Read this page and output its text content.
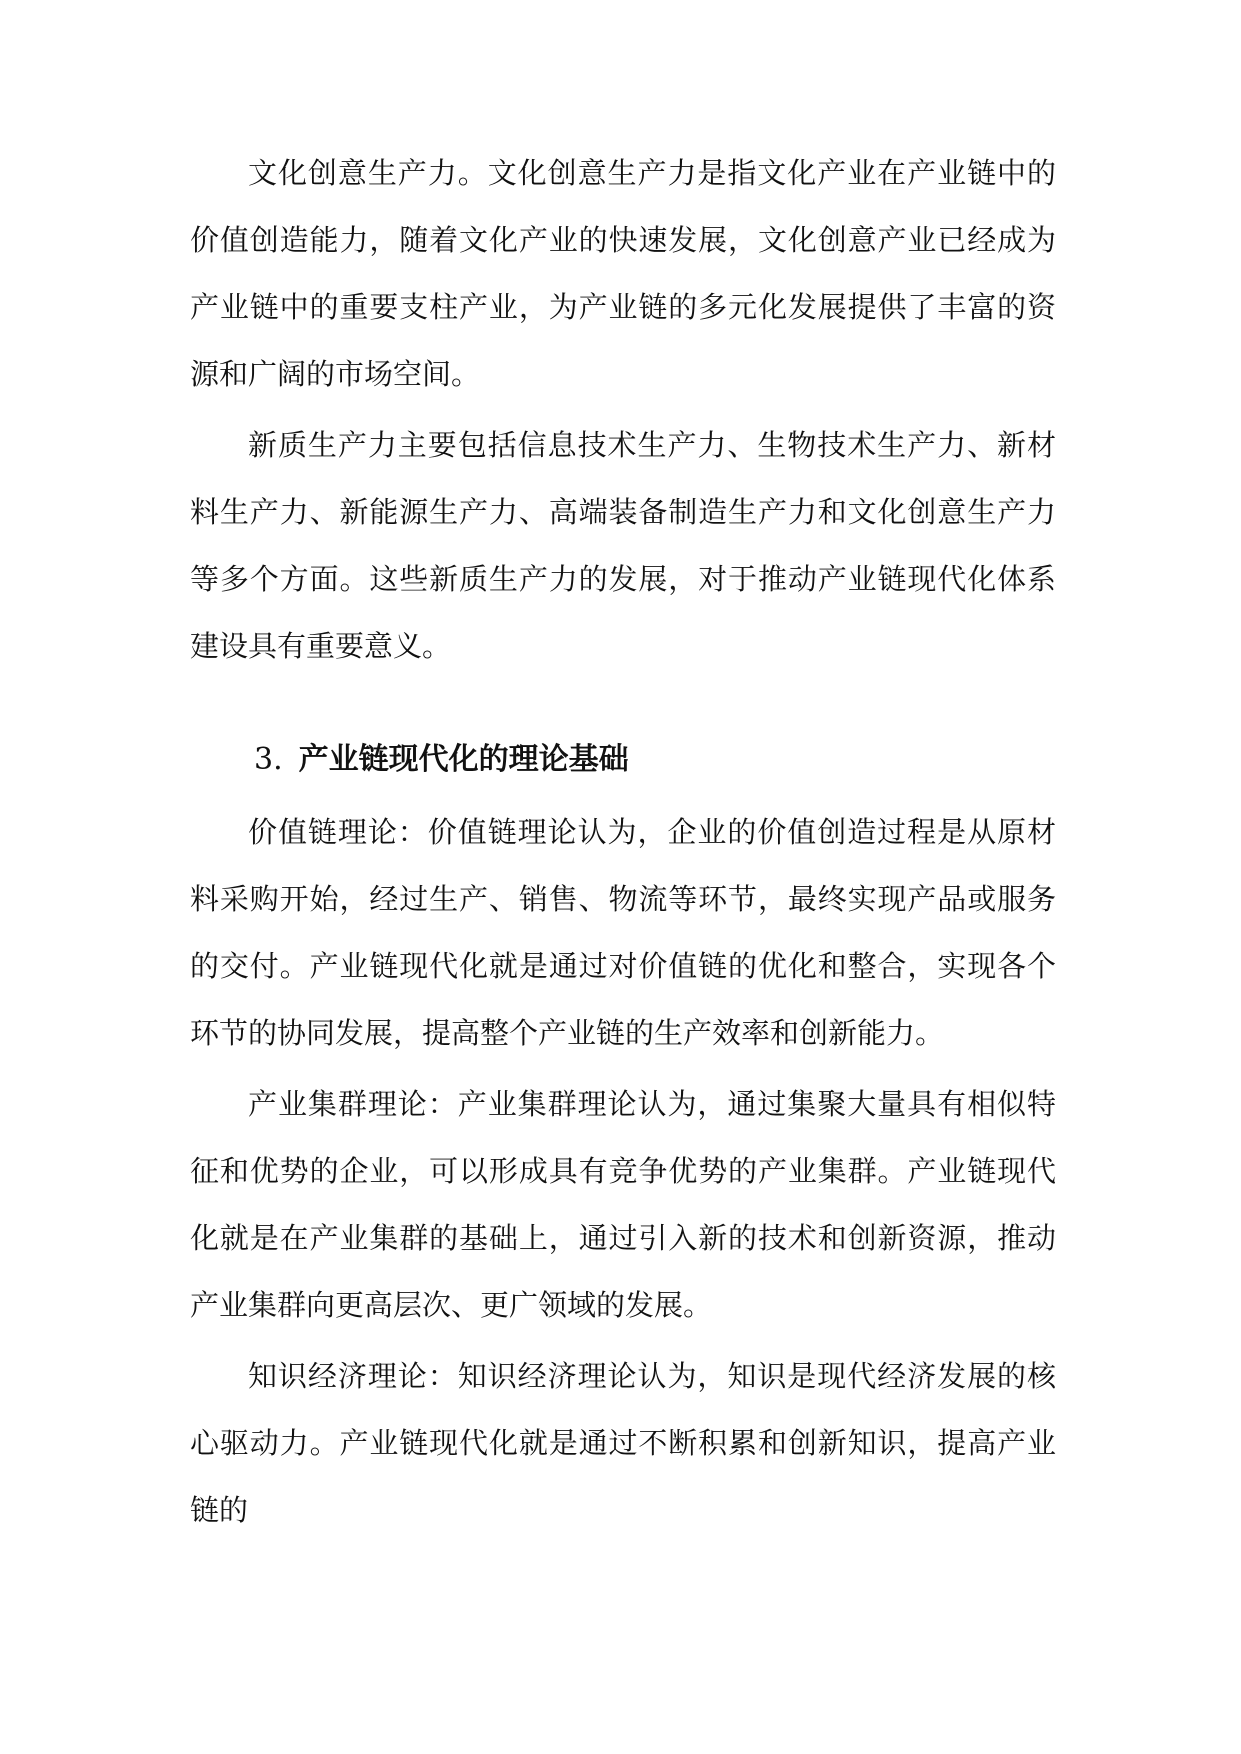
文化创意生产力。文化创意生产力是指文化产业在产业链中的价值创造能力，随着文化产业的快速发展，文化创意产业已经成为产业链中的重要支柱产业，为产业链的多元化发展提供了丰富的资源和广阔的市场空间。

新质生产力主要包括信息技术生产力、生物技术生产力、新材料生产力、新能源生产力、高端装备制造生产力和文化创意生产力等多个方面。这些新质生产力的发展，对于推动产业链现代化体系建设具有重要意义。

3. 产业链现代化的理论基础

价值链理论：价值链理论认为，企业的价值创造过程是从原材料采购开始，经过生产、销售、物流等环节，最终实现产品或服务的交付。产业链现代化就是通过对价值链的优化和整合，实现各个环节的协同发展，提高整个产业链的生产效率和创新能力。

产业集群理论：产业集群理论认为，通过集聚大量具有相似特征和优势的企业，可以形成具有竞争优势的产业集群。产业链现代化就是在产业集群的基础上，通过引入新的技术和创新资源，推动产业集群向更高层次、更广领域的发展。

知识经济理论：知识经济理论认为，知识是现代经济发展的核心驱动力。产业链现代化就是通过不断积累和创新知识，提高产业链的
